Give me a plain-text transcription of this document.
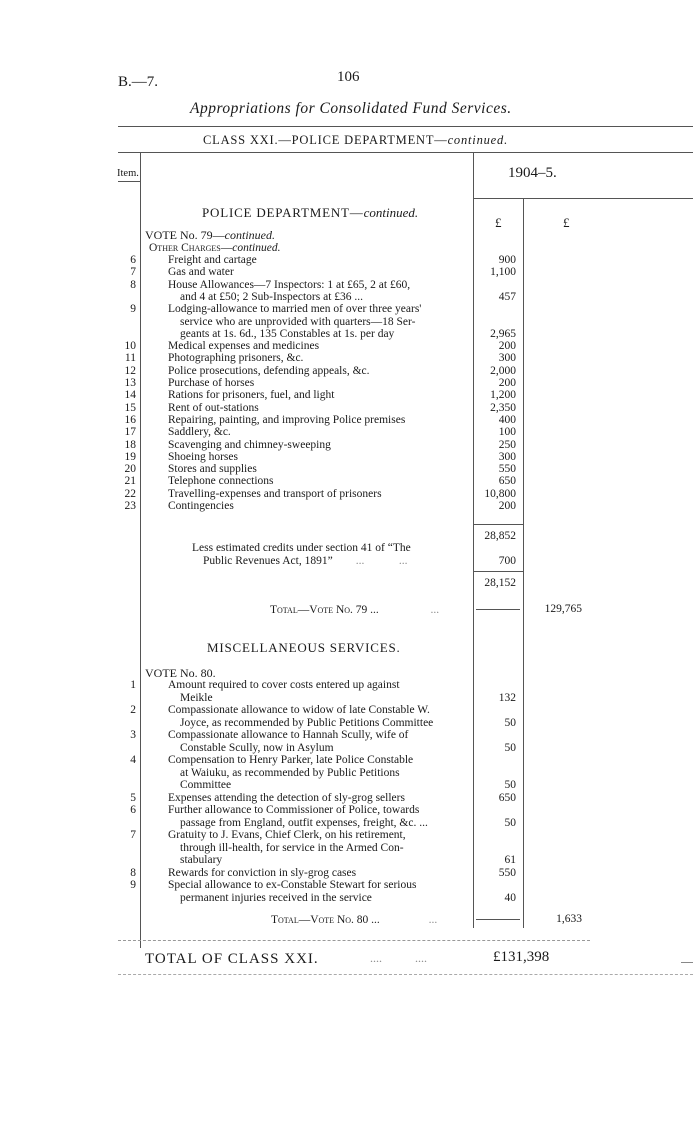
B.—7.	106
Appropriations for Consolidated Fund Services.
CLASS XXI.—POLICE DEPARTMENT—continued.
Item.	1904–5.
£	£
POLICE DEPARTMENT—continued.
VOTE No. 79—continued.
Other Charges—continued.
6	Freight and cartage	900
7	Gas and water	1,100
8	House Allowances—7 Inspectors: 1 at £65, 2 at £60,
and 4 at £50; 2 Sub-Inspectors at £36 ...	457
9	Lodging-allowance to married men of over three years'
service who are unprovided with quarters—18 Ser-
geants at 1s. 6d., 135 Constables at 1s. per day	2,965
10	Medical expenses and medicines	200
11	Photographing prisoners, &c.	300
12	Police prosecutions, defending appeals, &c.	2,000
13	Purchase of horses	200
14	Rations for prisoners, fuel, and light	1,200
15	Rent of out-stations	2,350
16	Repairing, painting, and improving Police premises	400
17	Saddlery, &c.	100
18	Scavenging and chimney-sweeping	250
19	Shoeing horses	300
20	Stores and supplies	550
21	Telephone connections	650
22	Travelling-expenses and transport of prisoners	10,800
23	Contingencies	200
28,852
Less estimated credits under section 41 of “The
Public Revenues Act, 1891”        ...            ...	700
28,152
Total—Vote No. 79 ...                  ...	129,765
MISCELLANEOUS SERVICES.
VOTE No. 80.
1	Amount required to cover costs entered up against
Meikle	132
2	Compassionate allowance to widow of late Constable W.
Joyce, as recommended by Public Petitions Committee	50
3	Compassionate allowance to Hannah Scully, wife of
Constable Scully, now in Asylum	50
4	Compensation to Henry Parker, late Police Constable
at Waiuku, as recommended by Public Petitions
Committee	50
5	Expenses attending the detection of sly-grog sellers	650
6	Further allowance to Commissioner of Police, towards
passage from England, outfit expenses, freight, &c. ...	50
7	Gratuity to J. Evans, Chief Clerk, on his retirement,
through ill-health, for service in the Armed Con-
stabulary	61
8	Rewards for conviction in sly-grog cases	550
9	Special allowance to ex-Constable Stewart for serious
permanent injuries received in the service	40
Total—Vote No. 80 ...                 ...	1,633
TOTAL OF CLASS XXI.	.... ....	£131,398
